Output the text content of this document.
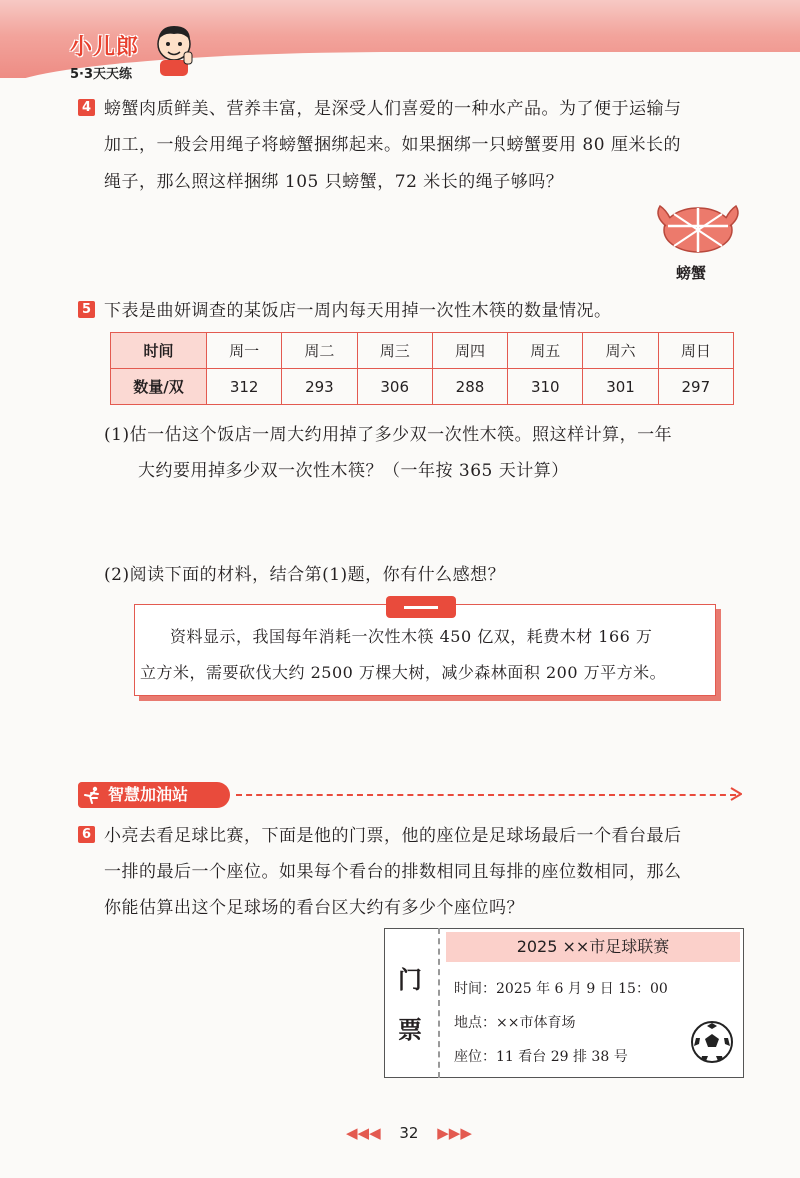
小儿郎
5·3天天练
4 螃蟹肉质鲜美、营养丰富，是深受人们喜爱的一种水产品。为了便于运输与
加工，一般会用绳子将螃蟹捆绑起来。如果捆绑一只螃蟹要用 80 厘米长的
绳子，那么照这样捆绑 105 只螃蟹，72 米长的绳子够吗？
螃蟹
5 下表是曲妍调查的某饭店一周内每天用掉一次性木筷的数量情况。
时间	周一	周二	周三	周四	周五	周六	周日
数量/双	312	293	306	288	310	301	297
(1)估一估这个饭店一周大约用掉了多少双一次性木筷。照这样计算，一年
大约要用掉多少双一次性木筷？（一年按 365 天计算）
(2)阅读下面的材料，结合第(1)题，你有什么感想？
资料显示，我国每年消耗一次性木筷 450 亿双，耗费木材 166 万
立方米，需要砍伐大约 2500 万棵大树，减少森林面积 200 万平方米。
智慧加油站
6 小亮去看足球比赛，下面是他的门票，他的座位是足球场最后一个看台最后
一排的最后一个座位。如果每个看台的排数相同且每排的座位数相同，那么
你能估算出这个足球场的看台区大约有多少个座位吗？
门
票
2025 ××市足球联赛
时间：2025 年 6 月 9 日 15：00
地点：××市体育场
座位：11 看台 29 排 38 号
◀◀◀ 32 ▶▶▶
